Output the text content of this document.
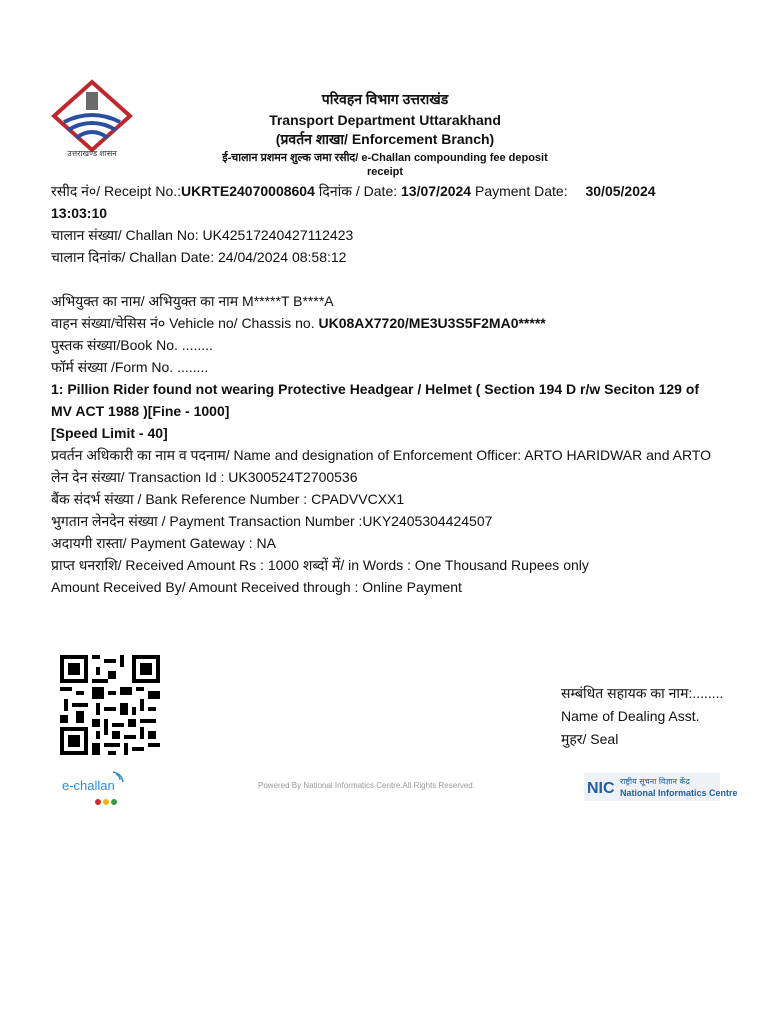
उत्तराखण्ड शासन
परिवहन विभाग उत्तराखंड
Transport Department Uttarakhand
(प्रवर्तन शाखा/ Enforcement Branch)
ई-चालान प्रशमन शुल्क जमा रसीद/ e-Challan compounding fee deposit
receipt
रसीद नं०/ Receipt No.:UKRTE24070008604 दिनांक / Date: 13/07/2024 Payment Date: 30/05/2024
13:03:10
चालान संख्या/ Challan No: UK42517240427112423
चालान दिनांक/ Challan Date: 24/04/2024 08:58:12
अभियुक्त का नाम/ अभियुक्त का नाम M*****T B****A
वाहन संख्या/चेसिस नं० Vehicle no/ Chassis no. UK08AX7720/ME3U3S5F2MA0*****
पुस्तक संख्या/Book No. ........
फॉर्म संख्या /Form No. ........
1: Pillion Rider found not wearing Protective Headgear / Helmet ( Section 194 D r/w Seciton 129 of MV ACT 1988 )[Fine - 1000]
[Speed Limit - 40]
प्रवर्तन अधिकारी का नाम व पदनाम/ Name and designation of Enforcement Officer: ARTO HARIDWAR and ARTO
लेन देन संख्या/ Transaction Id : UK300524T2700536
बैंक संदर्भ संख्या / Bank Reference Number : CPADVVCXX1
भुगतान लेनदेन संख्या / Payment Transaction Number :UKY2405304424507
अदायगी रास्ता/ Payment Gateway : NA
प्राप्त धनराशि/ Received Amount Rs : 1000 शब्दों में/ in Words : One Thousand Rupees only
Amount Received By/ Amount Received through : Online Payment
सम्बंधित सहायक का नाम:........
Name of Dealing Asst.
मुहर/ Seal
e-challan	Powered By National Informatics Centre.All Rights Reserved.	NIC राष्ट्रीय सूचना विज्ञान केंद्र
National Informatics Centre
